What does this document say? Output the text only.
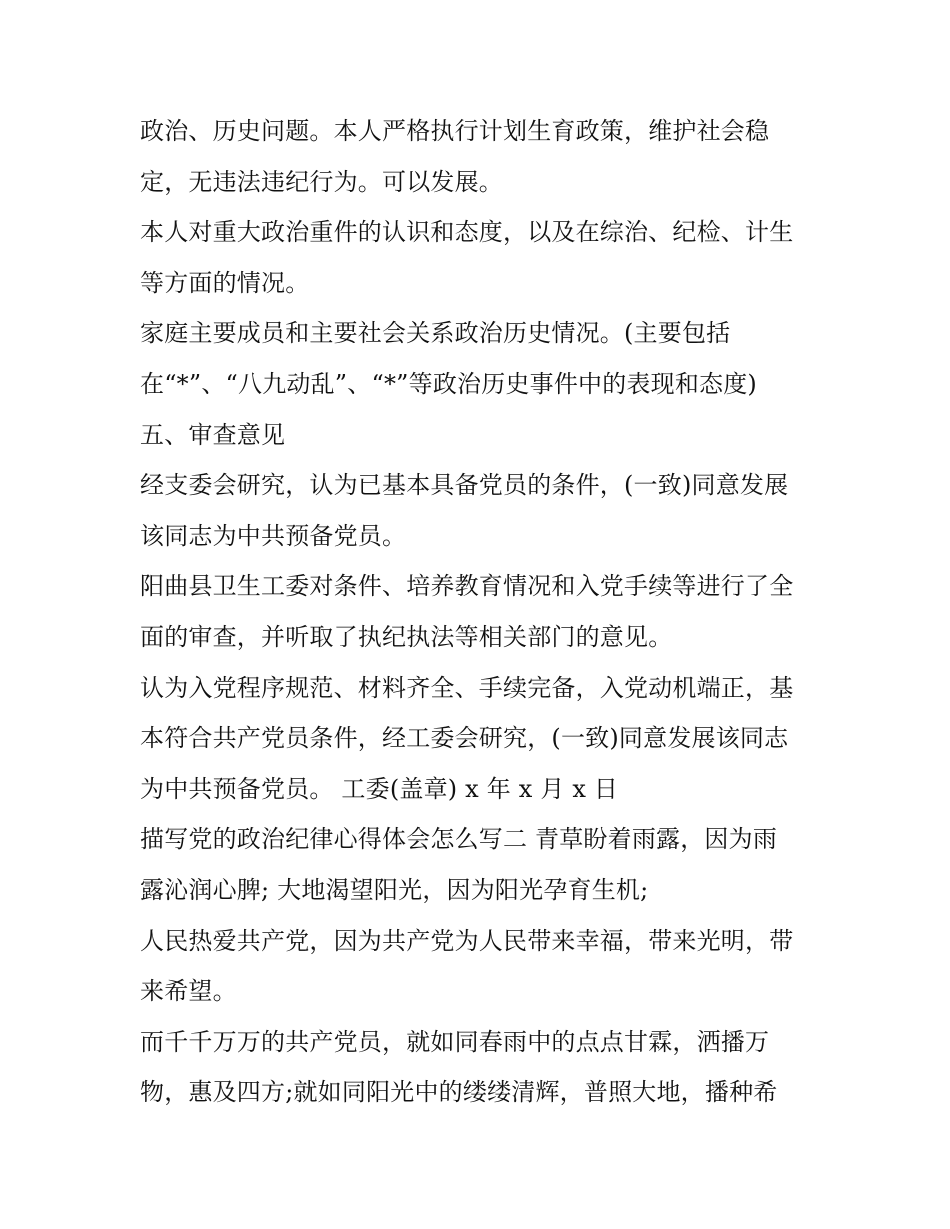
政治、历史问题。本人严格执行计划生育政策，维护社会稳
定，无违法违纪行为。可以发展。
本人对重大政治重件的认识和态度，以及在综治、纪检、计生
等方面的情况。
家庭主要成员和主要社会关系政治历史情况。(主要包括
在“*”、“八九动乱”、“*”等政治历史事件中的表现和态度)
五、审查意见
经支委会研究，认为已基本具备党员的条件，(一致)同意发展
该同志为中共预备党员。
阳曲县卫生工委对条件、培养教育情况和入党手续等进行了全
面的审查，并听取了执纪执法等相关部门的意见。
认为入党程序规范、材料齐全、手续完备，入党动机端正，基
本符合共产党员条件，经工委会研究，(一致)同意发展该同志
为中共预备党员。 工委(盖章) x 年 x 月 x 日
描写党的政治纪律心得体会怎么写二 青草盼着雨露，因为雨
露沁润心脾; 大地渴望阳光，因为阳光孕育生机;
人民热爱共产党，因为共产党为人民带来幸福，带来光明，带
来希望。
而千千万万的共产党员，就如同春雨中的点点甘霖，洒播万
物，惠及四方;就如同阳光中的缕缕清辉，普照大地，播种希
